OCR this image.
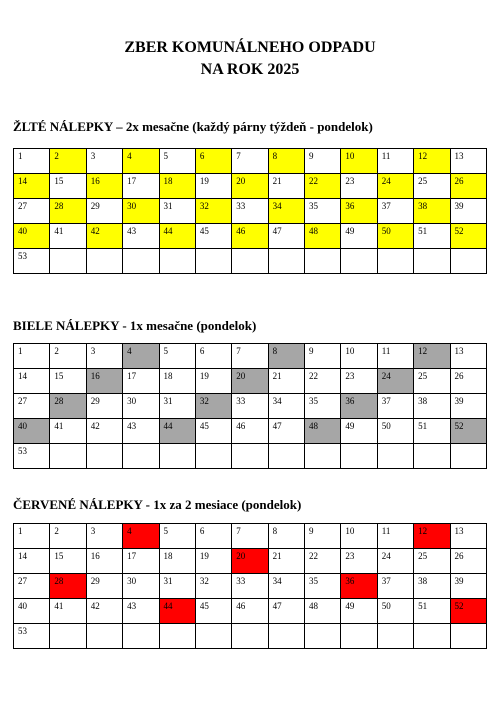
ZBER KOMUNÁLNEHO ODPADU
NA ROK 2025
ŽLTÉ NÁLEPKY – 2x mesačne (každý párny týždeň - pondelok)
1	2	3	4	5	6	7	8	9	10	11	12	13
14	15	16	17	18	19	20	21	22	23	24	25	26
27	28	29	30	31	32	33	34	35	36	37	38	39
40	41	42	43	44	45	46	47	48	49	50	51	52
53												
BIELE NÁLEPKY - 1x mesačne (pondelok)
1	2	3	4	5	6	7	8	9	10	11	12	13
14	15	16	17	18	19	20	21	22	23	24	25	26
27	28	29	30	31	32	33	34	35	36	37	38	39
40	41	42	43	44	45	46	47	48	49	50	51	52
53												
ČERVENÉ NÁLEPKY - 1x za 2 mesiace (pondelok)
1	2	3	4	5	6	7	8	9	10	11	12	13
14	15	16	17	18	19	20	21	22	23	24	25	26
27	28	29	30	31	32	33	34	35	36	37	38	39
40	41	42	43	44	45	46	47	48	49	50	51	52
53												
